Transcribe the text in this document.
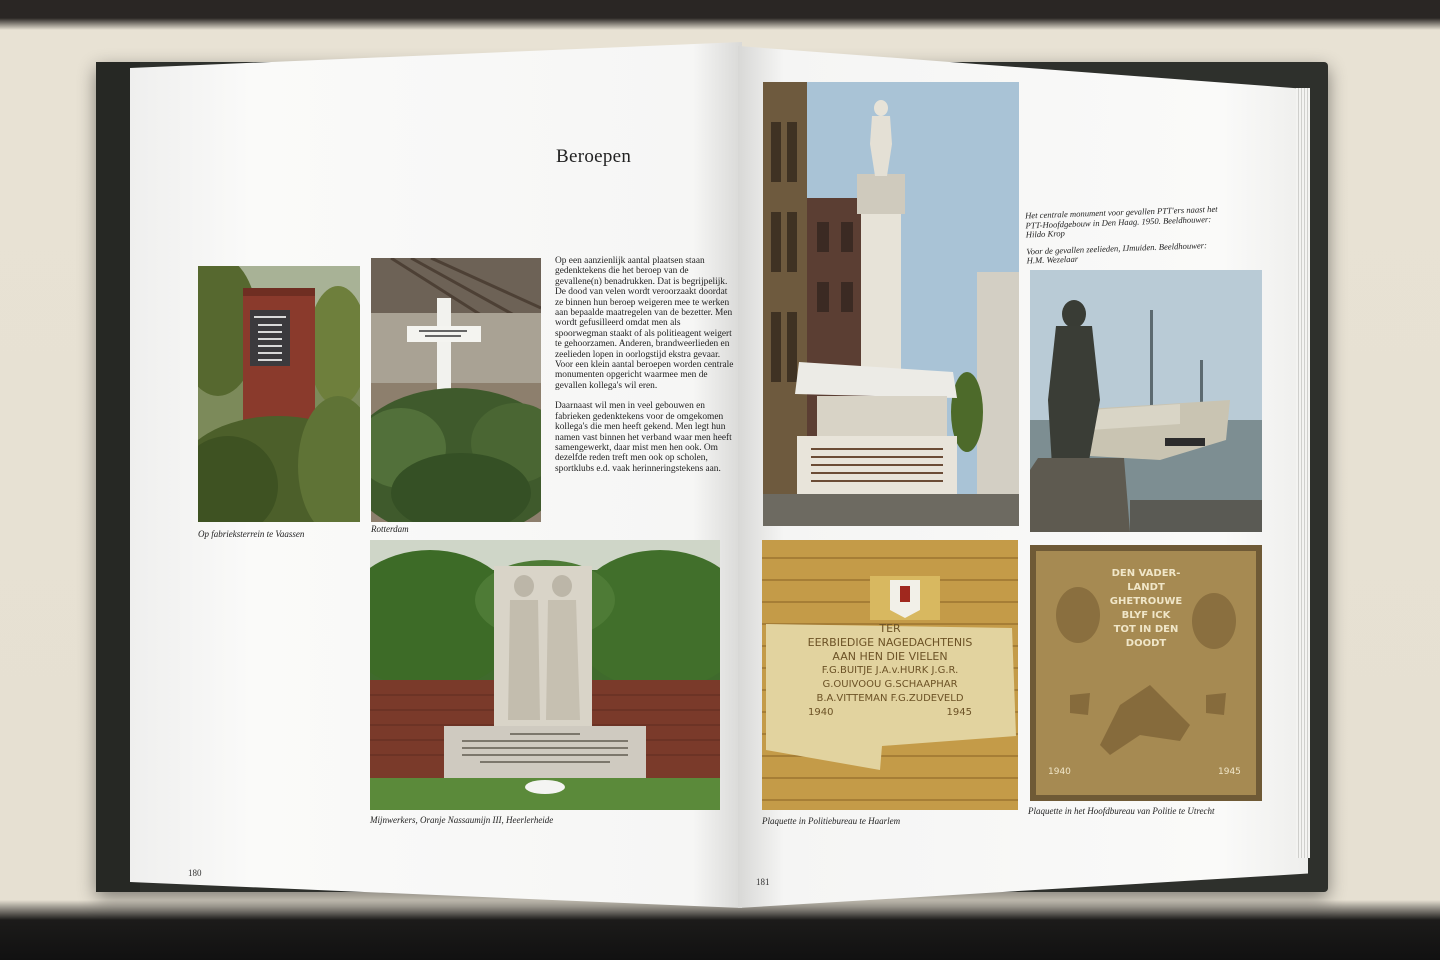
TER
EERBIEDIGE NAGEDACHTENIS
AAN HEN DIE VIELEN
F.G.BUITJE J.A.v.HURK J.G.R.
G.OUIVOOU G.SCHAAPHAR
B.A.VITTEMAN F.G.ZUDEVELD
1940	1945
DEN VADER-
LANDT
GHETROUWE
BLYF ICK
TOT IN DEN
DOODT
1940	1945
Beroepen

Op een aanzienlijk aantal plaatsen staan gedenktekens die het beroep van de gevallene(n) benadrukken. Dat is begrijpelijk. De dood van velen wordt veroorzaakt doordat ze binnen hun beroep weigeren mee te werken aan bepaalde maatregelen van de bezetter. Men wordt gefusilleerd omdat men als spoorwegman staakt of als politieagent weigert te gehoorzamen. Anderen, brandweerlieden en zeelieden lopen in oorlogstijd ekstra gevaar. Voor een klein aantal beroepen worden centrale monumenten opgericht waarmee men de gevallen kollega's wil eren.

Daarnaast wil men in veel gebouwen en fabrieken gedenktekens voor de omgekomen kollega's die men heeft gekend. Men legt hun namen vast binnen het verband waar men heeft samengewerkt, daar mist men hen ook. Om dezelfde reden treft men ook op scholen, sportklubs e.d. vaak herinneringstekens aan.

Het centrale monument voor gevallen PTT'ers naast het PTT-Hoofdgebouw in Den Haag. 1950. Beeldhouwer: Hildo Krop

Voor de gevallen zeelieden, IJmuiden. Beeldhouwer: H.M. Wezelaar

Op fabrieksterrein te Vaassen	Rotterdam
Mijnwerkers, Oranje Nassaumijn III, Heerlerheide	Plaquette in Politiebureau te Haarlem
Plaquette in het Hoofdbureau van Politie te Utrecht
180
181
